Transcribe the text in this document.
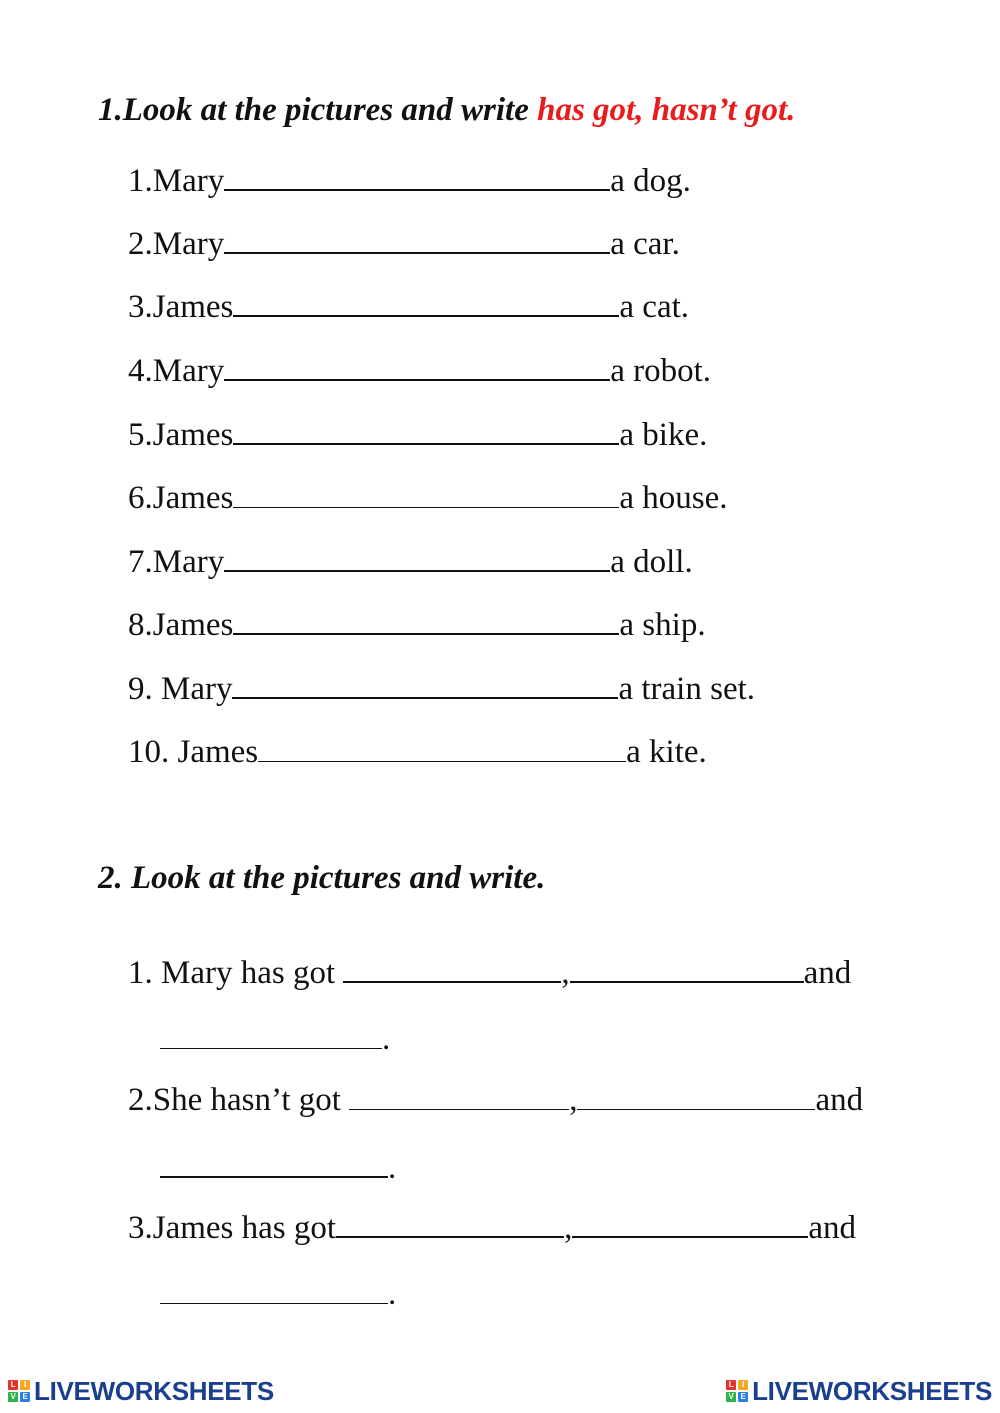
1.Look at the pictures and write has got, hasn’t got.
1.Mary	a dog.
2.Mary	a car.
3.James	a cat.
4.Mary	a robot.
5.James	a bike.
6.James	a house.
7.Mary	a doll.
8.James	a ship.
9. Mary	a train set.
10. James	a kite.
2. Look at the pictures and write.
1. Mary has got	,	and
.
2.She hasn’t got	,	and
.
3.James has got	,	and
.
L	I
V E LIVEWORKSHEETS	L	I
V E LIVEWORKSHEETS
